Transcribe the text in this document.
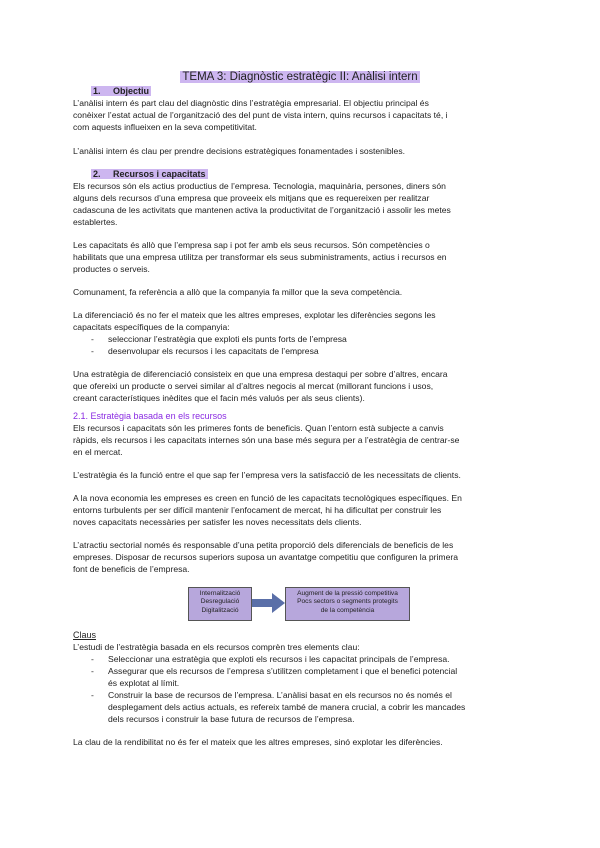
TEMA 3: Diagnòstic estratègic II: Anàlisi intern
1.     Objectiu
L’anàlisi intern és part clau del diagnòstic dins l’estratègia empresarial. El objectiu principal és
conèixer l’estat actual de l’organització des del punt de vista intern, quins recursos i capacitats té, i
com aquests influeixen en la seva competitivitat.
L’anàlisi intern és clau per prendre decisions estratègiques fonamentades i sostenibles.
2.     Recursos i capacitats
Els recursos són els actius productius de l’empresa. Tecnologia, maquinària, persones, diners són
alguns dels recursos d’una empresa que proveeix els mitjans que es requereixen per realitzar
cadascuna de les activitats que mantenen activa la productivitat de l’organització i assolir les metes
establertes.
Les capacitats és allò que l’empresa sap i pot fer amb els seus recursos. Són competències o
habilitats que una empresa utilitza per transformar els seus subministraments, actius i recursos en
productes o serveis.
Comunament, fa referència a allò que la companyia fa millor que la seva competència.
La diferenciació és no fer el mateix que les altres empreses, explotar les diferències segons les
capacitats específiques de la companyia:
- seleccionar l’estratègia que exploti els punts forts de l’empresa
- desenvolupar els recursos i les capacitats de l’empresa
Una estratègia de diferenciació consisteix en que una empresa destaqui per sobre d’altres, encara
que ofereixi un producte o servei similar al d’altres negocis al mercat (millorant funcions i usos,
creant característiques inèdites que el facin més valuós per als seus clients).
2.1. Estratègia basada en els recursos
Els recursos i capacitats són les primeres fonts de beneficis. Quan l’entorn està subjecte a canvis
ràpids, els recursos i les capacitats internes són una base més segura per a l’estratègia de centrar-se
en el mercat.
L’estratègia és la funció entre el que sap fer l’empresa vers la satisfacció de les necessitats de clients.
A la nova economia les empreses es creen en funció de les capacitats tecnològiques específiques. En
entorns turbulents per ser difícil mantenir l’enfocament de mercat, hi ha dificultat per construir les
noves capacitats necessàries per satisfer les noves necessitats dels clients.
L’atractiu sectorial només és responsable d’una petita proporció dels diferencials de beneficis de les
empreses. Disposar de recursos superiors suposa un avantatge competitiu que configuren la primera
font de beneficis de l’empresa.
Internalització
Desregulació
Digitalització
Augment de la pressió competitiva
Pocs sectors o segments protegits
de la competència
Claus
L’estudi de l’estratègia basada en els recursos comprèn tres elements clau:
- Seleccionar una estratègia que exploti els recursos i les capacitat principals de l’empresa.
- Assegurar que els recursos de l’empresa s’utilitzen completament i que el benefici potencial
és explotat al límit.
- Construir la base de recursos de l’empresa. L’anàlisi basat en els recursos no és només el
desplegament dels actius actuals, es refereix també de manera crucial, a cobrir les mancades
dels recursos i construir la base futura de recursos de l’empresa.
La clau de la rendibilitat no és fer el mateix que les altres empreses, sinó explotar les diferències.
